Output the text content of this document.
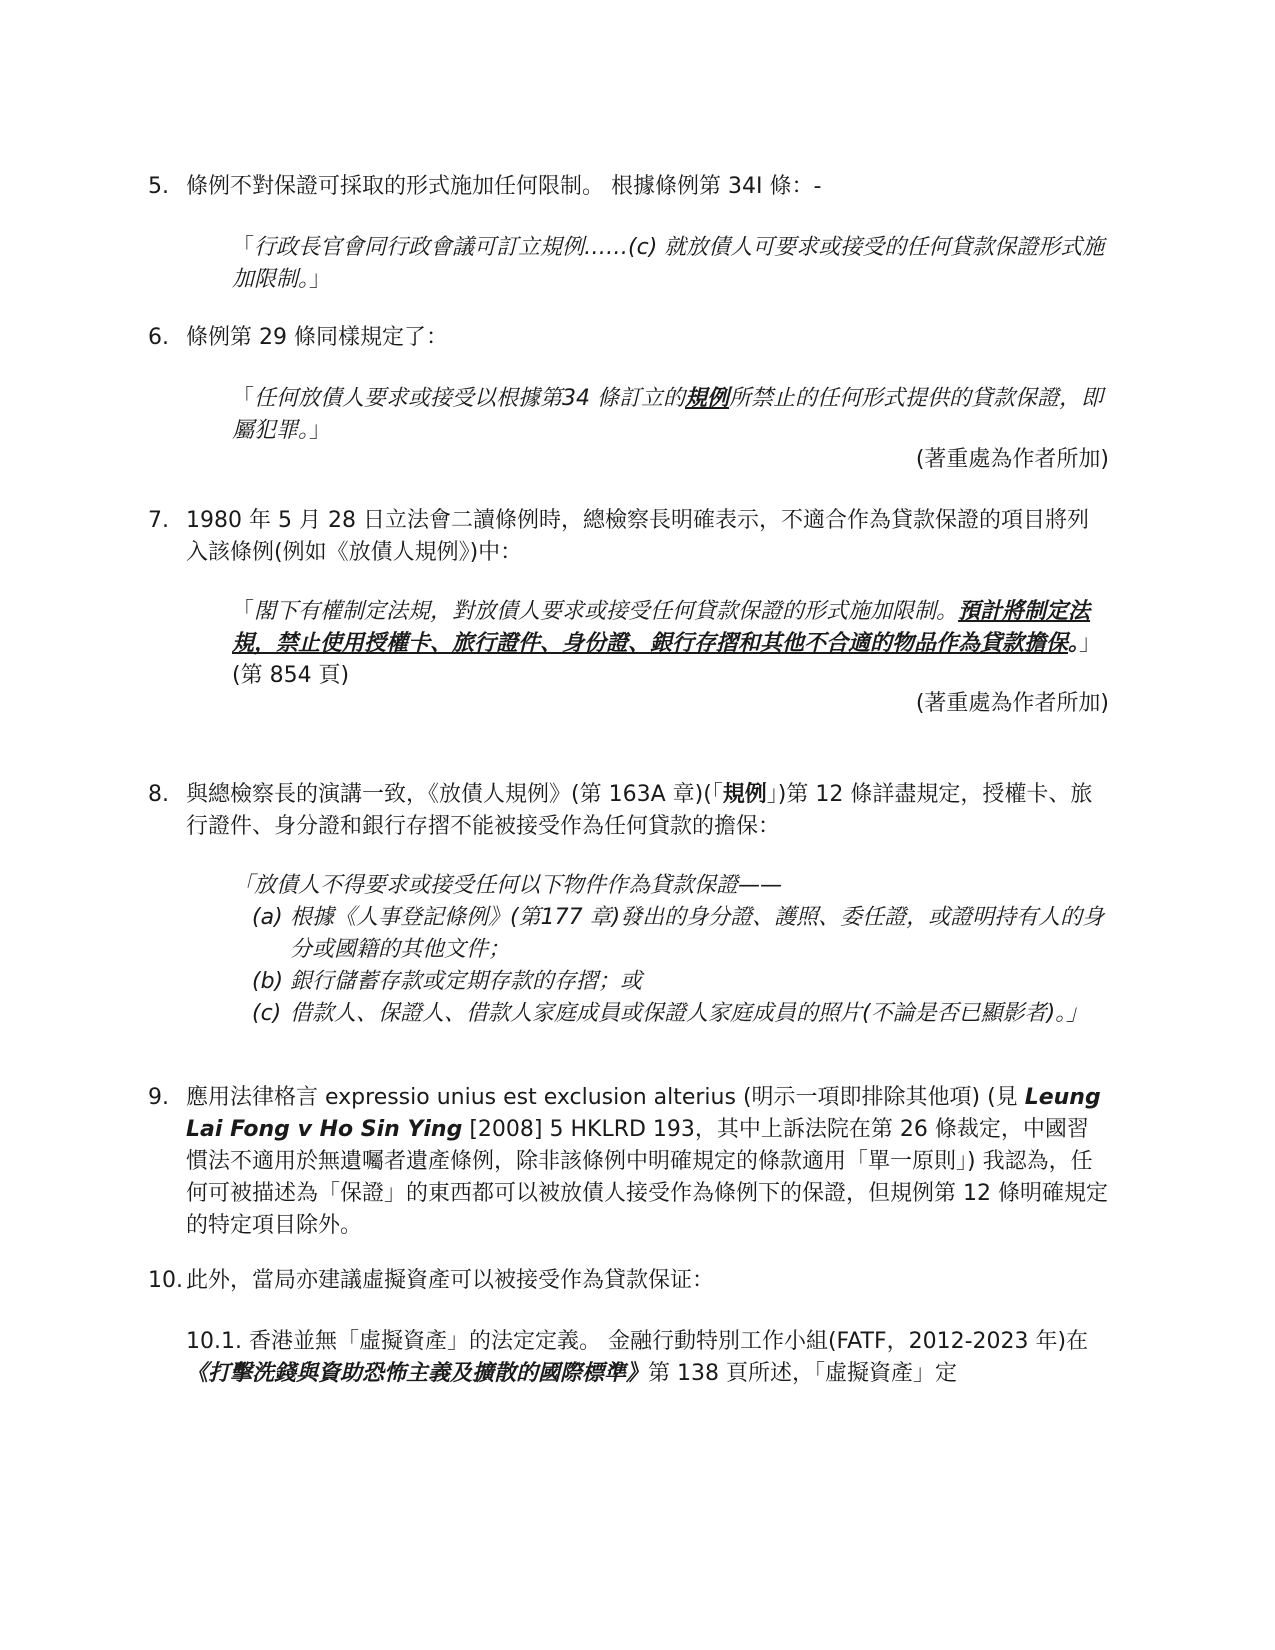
5. 條例不對保證可採取的形式施加任何限制。 根據條例第 34I 條：-
「行政長官會同行政會議可訂立規例……(c) 就放債人可要求或接受的任何貸款保證形式施加限制。」
6. 條例第 29 條同樣規定了：
「任何放債人要求或接受以根據第34 條訂立的規例所禁止的任何形式提供的貸款保證，即屬犯罪。」
(著重處為作者所加)
7. 1980 年 5 月 28 日立法會二讀條例時，總檢察長明確表示，不適合作為貸款保證的項目將列入該條例(例如《放債人規例》)中：
「閣下有權制定法規，對放債人要求或接受任何貸款保證的形式施加限制。預計將制定法規，禁止使用授權卡、旅行證件、身份證、銀行存摺和其他不合適的物品作為貸款擔保。」(第 854 頁)
(著重處為作者所加)
8. 與總檢察長的演講一致，《放債人規例》(第 163A 章)(「規例」)第 12 條詳盡規定，授權卡、旅行證件、身分證和銀行存摺不能被接受作為任何貸款的擔保：
「放債人不得要求或接受任何以下物件作為貸款保證——
(a) 根據《人事登記條例》(第177 章)發出的身分證、護照、委任證，或證明持有人的身分或國籍的其他文件；
(b) 銀行儲蓄存款或定期存款的存摺；或
(c) 借款人、保證人、借款人家庭成員或保證人家庭成員的照片(不論是否已顯影者)。」
9. 應用法律格言 expressio unius est exclusion alterius (明示一項即排除其他項) (見 Leung Lai Fong v Ho Sin Ying [2008] 5 HKLRD 193，其中上訴法院在第 26 條裁定，中國習慣法不適用於無遺囑者遺產條例，除非該條例中明確規定的條款適用「單一原則」) 我認為，任何可被描述為「保證」的東西都可以被放債人接受作為條例下的保證，但規例第 12 條明確規定的特定項目除外。
10. 此外，當局亦建議虛擬資產可以被接受作為貸款保证：
10.1. 香港並無「虛擬資產」的法定定義。 金融行動特別工作小組(FATF，2012-2023 年)在《打擊洗錢與資助恐怖主義及擴散的國際標準》第 138 頁所述，「虛擬資產」定
